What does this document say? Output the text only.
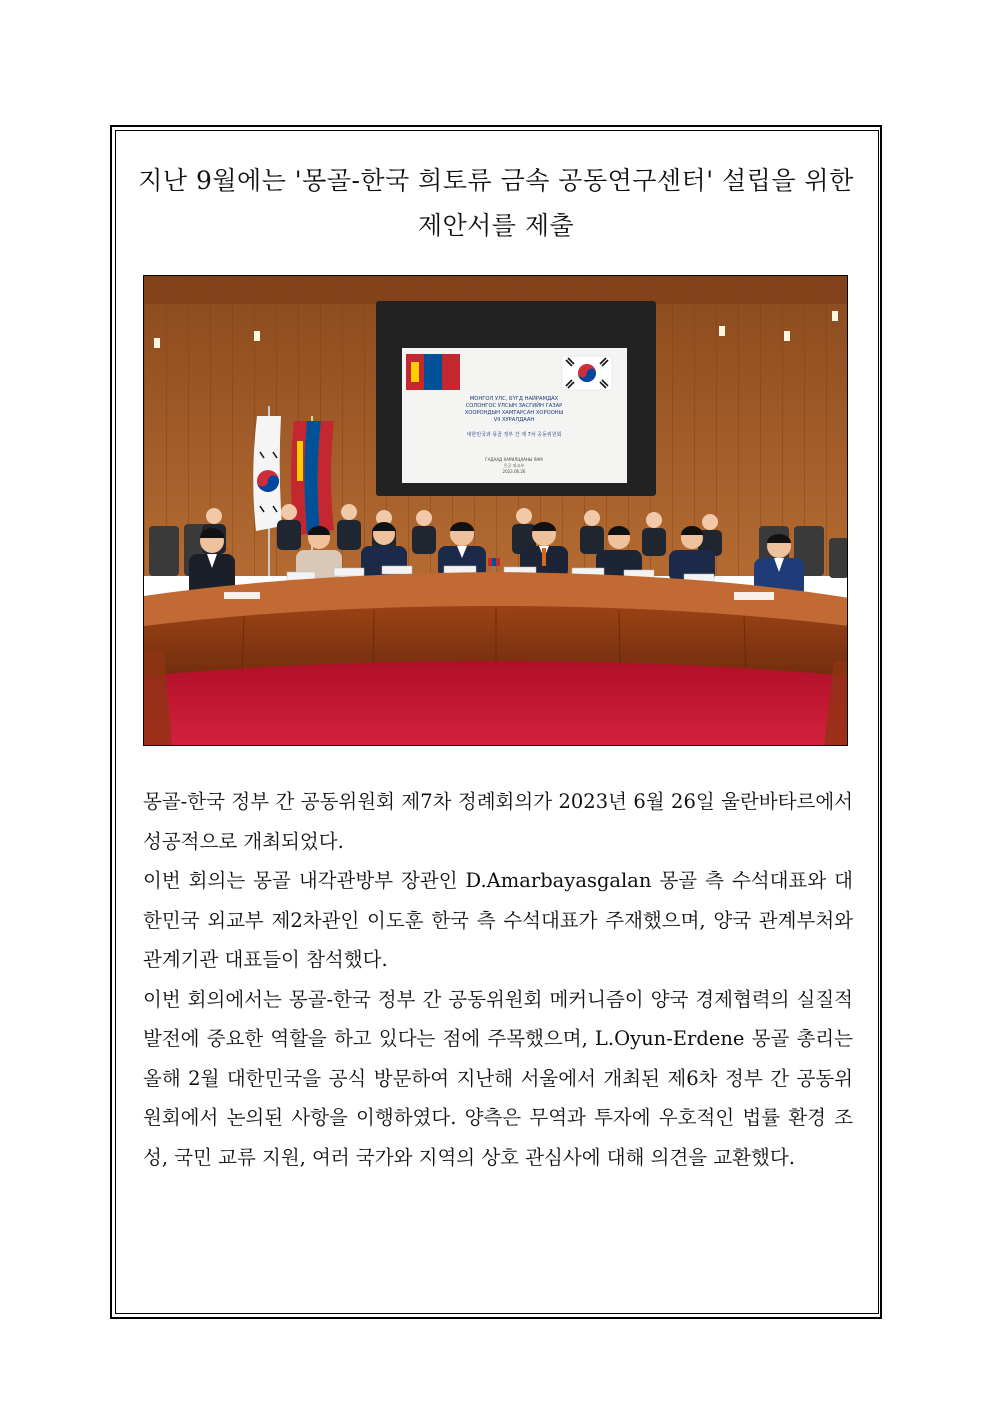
지난 9월에는 '몽골-한국 희토류 금속 공동연구센터' 설립을 위한 제안서를 제출
МОНГОЛ УЛС, БҮГД НАЙРАМДАХ
СОЛОНГОС УЛСЫН ЗАСГИЙН ГАЗАР
ХООРОНДЫН ХАМТАРСАН ХОРООНЫ
VII ХУРАЛДААН
대한민국과 몽골 정부 간 제 7차 공동위원회
ГАДААД ХАРИЛЦААНЫ ЯАМ
몽골 외교부
2023.06.26

몽골-한국 정부 간 공동위원회 제7차 정례회의가 2023년 6월 26일 울란바타르에서 성공적으로 개최되었다.

이번 회의는 몽골 내각관방부 장관인 D.Amarbayasgalan 몽골 측 수석대표와 대한민국 외교부 제2차관인 이도훈 한국 측 수석대표가 주재했으며, 양국 관계부처와 관계기관 대표들이 참석했다.

이번 회의에서는 몽골-한국 정부 간 공동위원회 메커니즘이 양국 경제협력의 실질적 발전에 중요한 역할을 하고 있다는 점에 주목했으며, L.Oyun-Erdene 몽골 총리는 올해 2월 대한민국을 공식 방문하여 지난해 서울에서 개최된 제6차 정부 간 공동위원회에서 논의된 사항을 이행하였다. 양측은 무역과 투자에 우호적인 법률 환경 조성, 국민 교류 지원, 여러 국가와 지역의 상호 관심사에 대해 의견을 교환했다.
